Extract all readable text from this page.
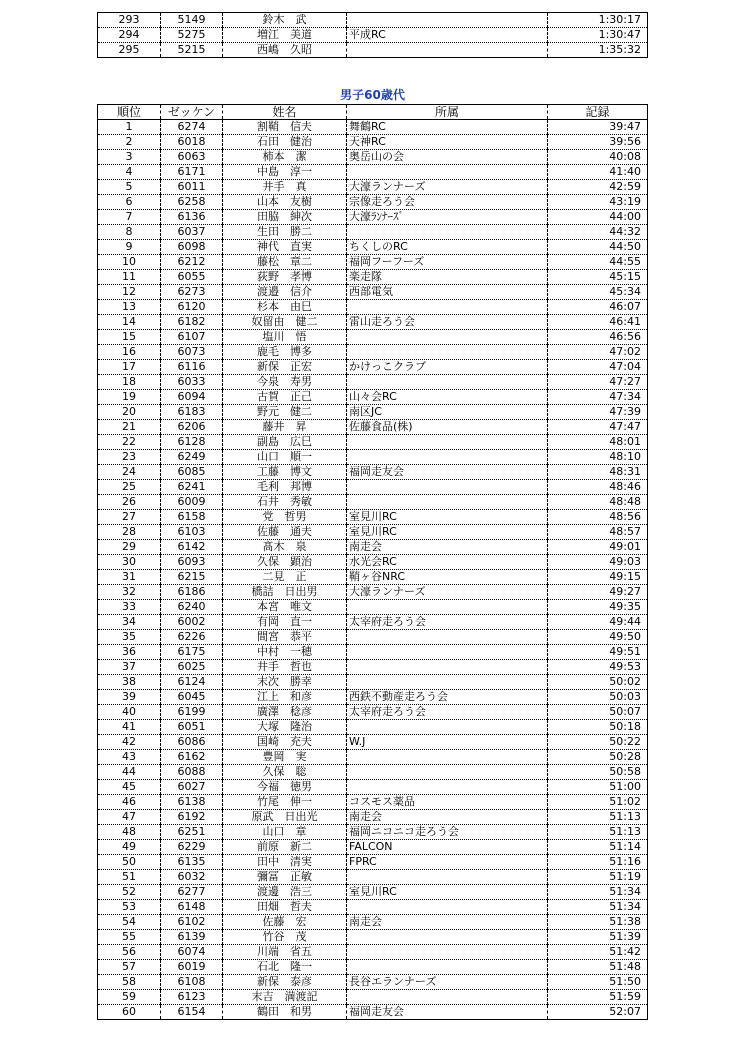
293	5149	鈴木　武		1:30:17
294	5275	増江　美道	平成RC	1:30:47
295	5215	西嶋　久昭		1:35:32
男子60歳代
順位	ゼッケン	姓名	所属	記録
1	6274	割鞘　信夫	舞鶴RC	39:47
2	6018	石田　健治	天神RC	39:56
3	6063	柿本　潔	奥岳山の会	40:08
4	6171	中島　淳一		41:40
5	6011	井手　真	大濠ランナーズ	42:59
6	6258	山本　友樹	宗像走ろう会	43:19
7	6136	田脇　紳次	大濠ﾗﾝﾅｰｽﾞ	44:00
8	6037	生田　勝二		44:32
9	6098	神代　直実	ちくしのRC	44:50
10	6212	藤松　章二	福岡フーフーズ	44:55
11	6055	荻野　孝博	楽走隊	45:15
12	6273	渡邉　信介	西部電気	45:34
13	6120	杉本　由巳		46:07
14	6182	奴留由　健二	雷山走ろう会	46:41
15	6107	塩川　悟		46:56
16	6073	鹿毛　博多		47:02
17	6116	新保　正宏	かけっこクラブ	47:04
18	6033	今泉　寿男		47:27
19	6094	古賀　正己	山々会RC	47:34
20	6183	野元　健二	南区JC	47:39
21	6206	藤井　昇	佐藤食品(株)	47:47
22	6128	副島　広巳		48:01
23	6249	山口　順一		48:10
24	6085	工藤　博文	福岡走友会	48:31
25	6241	毛利　邦博		48:46
26	6009	石井　秀敏		48:48
27	6158	党　哲男	室見川RC	48:56
28	6103	佐藤　通夫	室見川RC	48:57
29	6142	髙木　泉	南走会	49:01
30	6093	久保　顕治	水光会RC	49:03
31	6215	二見　正	鞘ヶ谷NRC	49:15
32	6186	橋詰　日出男	大濠ランナーズ	49:27
33	6240	本宮　唯文		49:35
34	6002	有岡　直一	太宰府走ろう会	49:44
35	6226	間宮　恭平		49:50
36	6175	中村　一穂		49:51
37	6025	井手　哲也		49:53
38	6124	末次　勝幸		50:02
39	6045	江上　和彦	西鉄不動産走ろう会	50:03
40	6199	廣澤　稔彦	太宰府走ろう会	50:07
41	6051	大塚　隆治		50:18
42	6086	国崎　充夫	W.J	50:22
43	6162	豊岡　実		50:28
44	6088	久保　聡		50:58
45	6027	今福　徳男		51:00
46	6138	竹尾　伸一	コスモス薬品	51:02
47	6192	原武　日出光	南走会	51:13
48	6251	山口　章	福岡ニコニコ走ろう会	51:13
49	6229	前原　新二	FALCON	51:14
50	6135	田中　清実	FPRC	51:16
51	6032	彌冨　正敏		51:19
52	6277	渡邊　浩三	室見川RC	51:34
53	6148	田畑　哲夫		51:34
54	6102	佐藤　宏	南走会	51:38
55	6139	竹谷　茂		51:39
56	6074	川端　省五		51:42
57	6019	石北　隆一		51:48
58	6108	新保　泰彦	長谷エランナーズ	51:50
59	6123	末吉　満渡記		51:59
60	6154	鶴田　和男	福岡走友会	52:07
